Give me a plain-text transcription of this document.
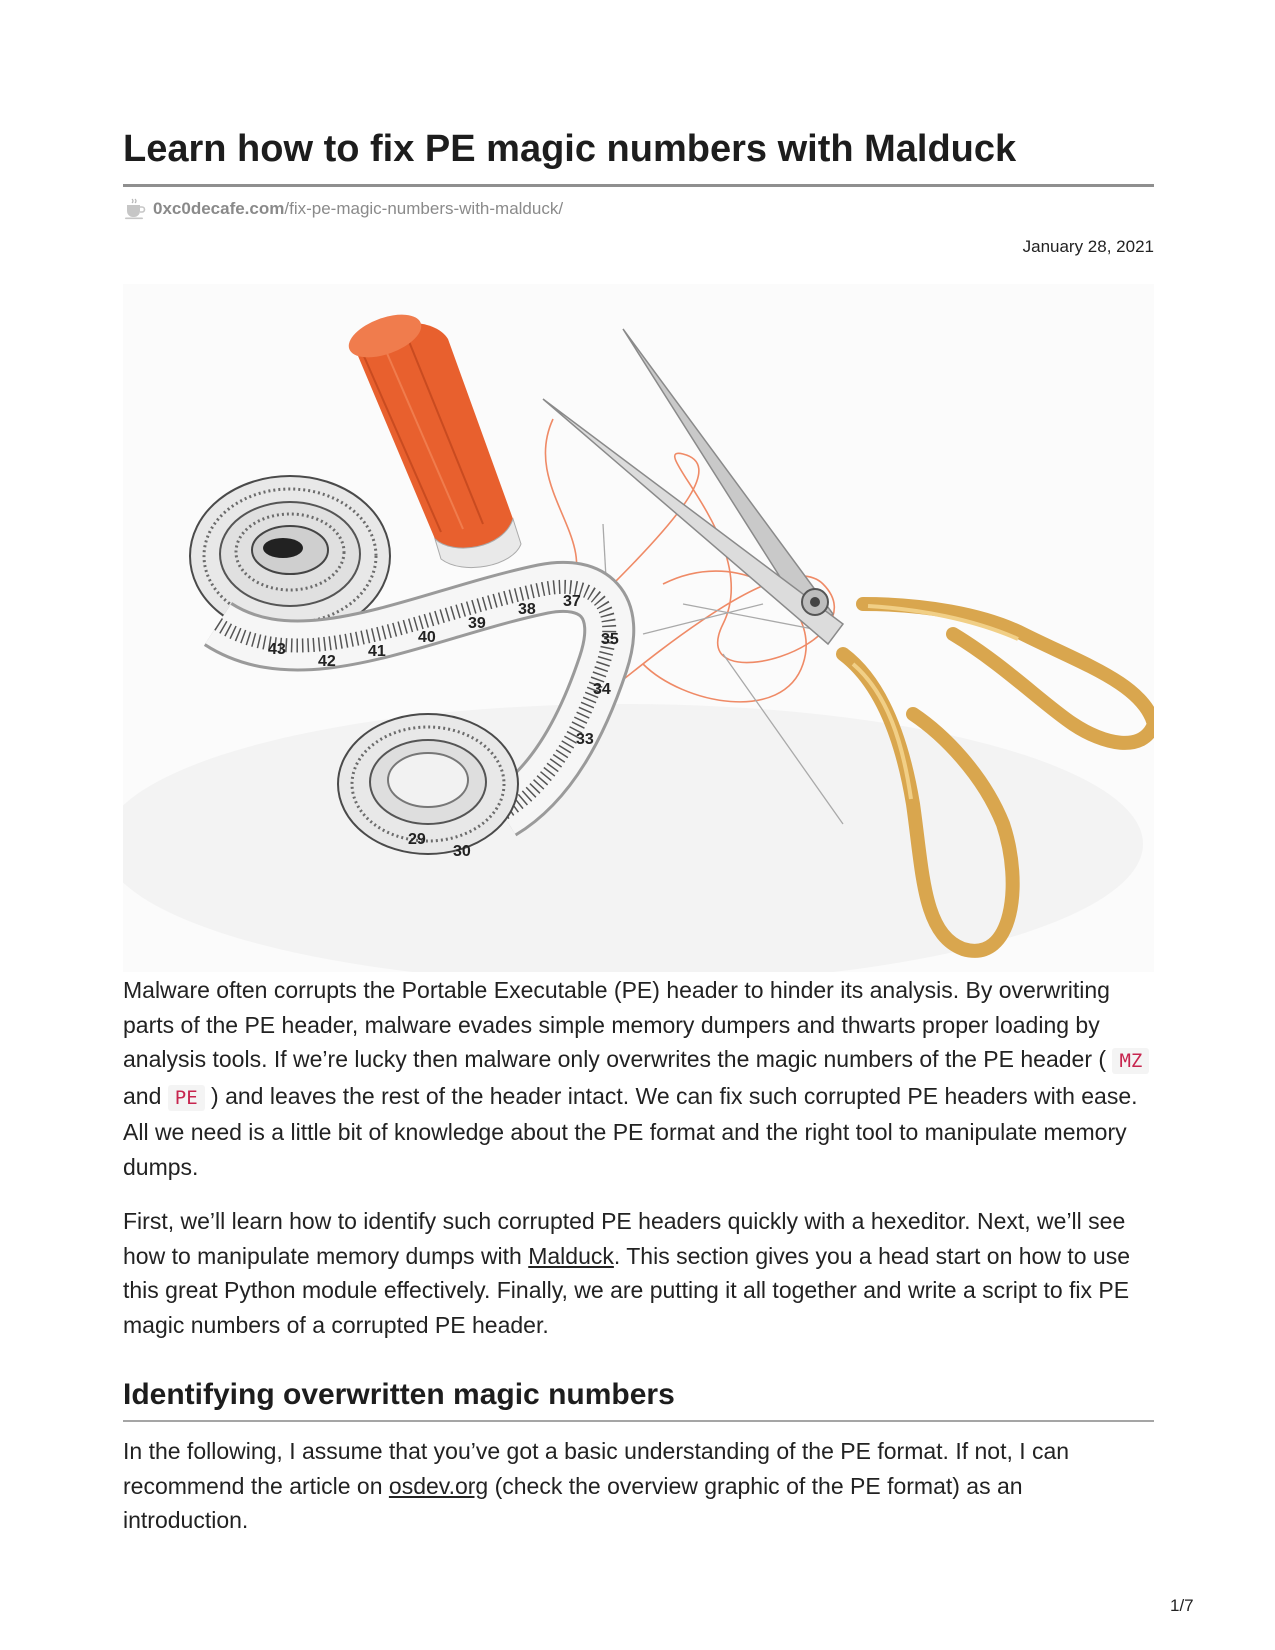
Learn how to fix PE magic numbers with Malduck
0xc0decafe.com /fix-pe-magic-numbers-with-malduck/
January 28, 2021
43
42
41
40
39
38 37
35
34
33
29
30

Malware often corrupts the Portable Executable (PE) header to hinder its analysis. By overwriting parts of the PE header, malware evades simple memory dumpers and thwarts proper loading by analysis tools. If we’re lucky then malware only overwrites the magic numbers of the PE header ( MZ and PE ) and leaves the rest of the header intact. We can fix such corrupted PE headers with ease. All we need is a little bit of knowledge about the PE format and the right tool to manipulate memory dumps.

First, we’ll learn how to identify such corrupted PE headers quickly with a hexeditor. Next, we’ll see how to manipulate memory dumps with Malduck. This section gives you a head start on how to use this great Python module effectively. Finally, we are putting it all together and write a script to fix PE magic numbers of a corrupted PE header.

Identifying overwritten magic numbers

In the following, I assume that you’ve got a basic understanding of the PE format. If not, I can recommend the article on osdev.org (check the overview graphic of the PE format) as an introduction.

1/7
